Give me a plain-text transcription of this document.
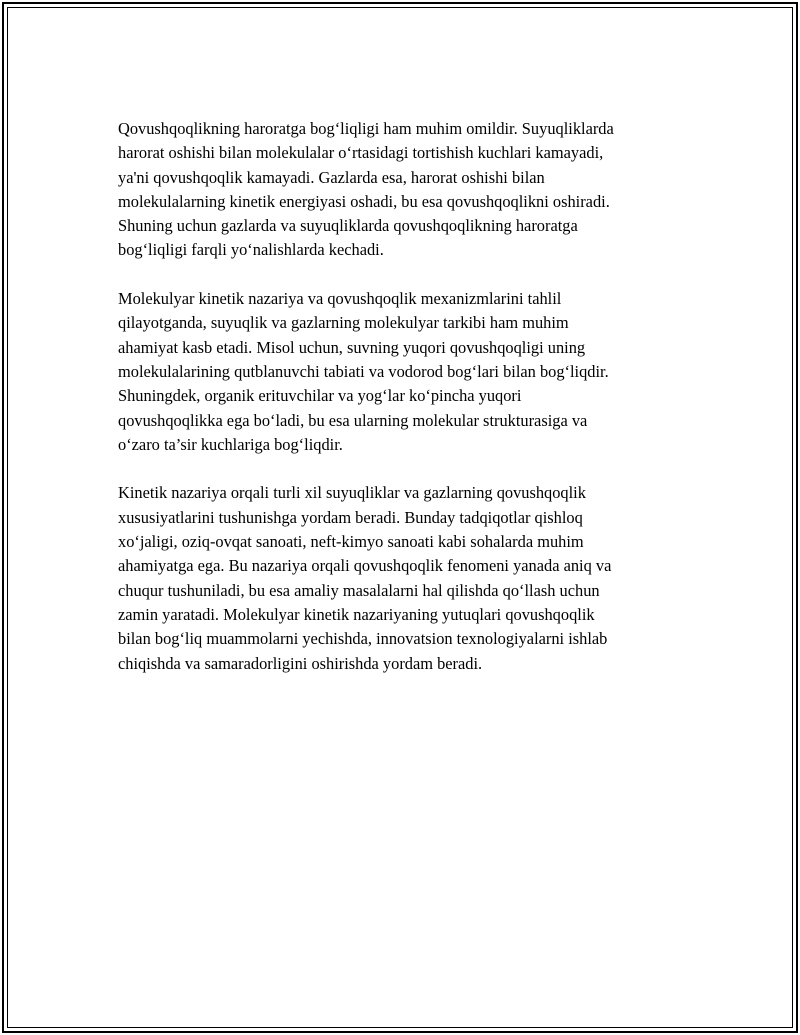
Qovushqoqlikning haroratga bog‘liqligi ham muhim omildir. Suyuqliklarda
harorat oshishi bilan molekulalar o‘rtasidagi tortishish kuchlari kamayadi,
ya'ni qovushqoqlik kamayadi. Gazlarda esa, harorat oshishi bilan
molekulalarning kinetik energiyasi oshadi, bu esa qovushqoqlikni oshiradi.
Shuning uchun gazlarda va suyuqliklarda qovushqoqlikning haroratga
bog‘liqligi farqli yo‘nalishlarda kechadi.
Molekulyar kinetik nazariya va qovushqoqlik mexanizmlarini tahlil
qilayotganda, suyuqlik va gazlarning molekulyar tarkibi ham muhim
ahamiyat kasb etadi. Misol uchun, suvning yuqori qovushqoqligi uning
molekulalarining qutblanuvchi tabiati va vodorod bog‘lari bilan bog‘liqdir.
Shuningdek, organik erituvchilar va yog‘lar ko‘pincha yuqori
qovushqoqlikka ega bo‘ladi, bu esa ularning molekular strukturasiga va
o‘zaro ta’sir kuchlariga bog‘liqdir.
Kinetik nazariya orqali turli xil suyuqliklar va gazlarning qovushqoqlik
xususiyatlarini tushunishga yordam beradi. Bunday tadqiqotlar qishloq
xo‘jaligi, oziq-ovqat sanoati, neft-kimyo sanoati kabi sohalarda muhim
ahamiyatga ega. Bu nazariya orqali qovushqoqlik fenomeni yanada aniq va
chuqur tushuniladi, bu esa amaliy masalalarni hal qilishda qo‘llash uchun
zamin yaratadi. Molekulyar kinetik nazariyaning yutuqlari qovushqoqlik
bilan bog‘liq muammolarni yechishda, innovatsion texnologiyalarni ishlab
chiqishda va samaradorligini oshirishda yordam beradi.
